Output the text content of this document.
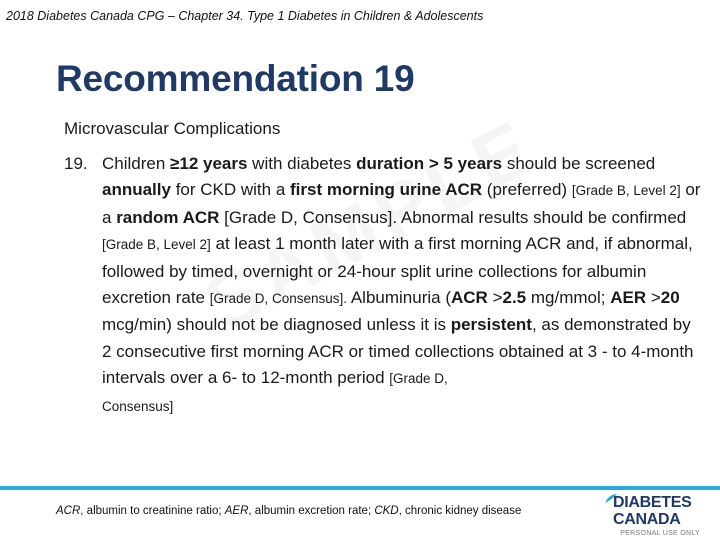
2018 Diabetes Canada CPG – Chapter 34. Type 1 Diabetes in Children & Adolescents
Recommendation 19
Microvascular Complications
19. Children ≥12 years with diabetes duration > 5 years should be screened annually for CKD with a first morning urine ACR (preferred) [Grade B, Level 2] or a random ACR [Grade D, Consensus]. Abnormal results should be confirmed [Grade B, Level 2] at least 1 month later with a first morning ACR and, if abnormal, followed by timed, overnight or 24-hour split urine collections for albumin excretion rate [Grade D, Consensus]. Albuminuria (ACR >2.5 mg/mmol; AER >20 mcg/min) should not be diagnosed unless it is persistent, as demonstrated by 2 consecutive first morning ACR or timed collections obtained at 3 - to 4-month intervals over a 6- to 12-month period [Grade D,
Consensus]
ACR, albumin to creatinine ratio; AER, albumin excretion rate; CKD, chronic kidney disease	DIABETES
CANADA
PERSONAL USE ONLY
